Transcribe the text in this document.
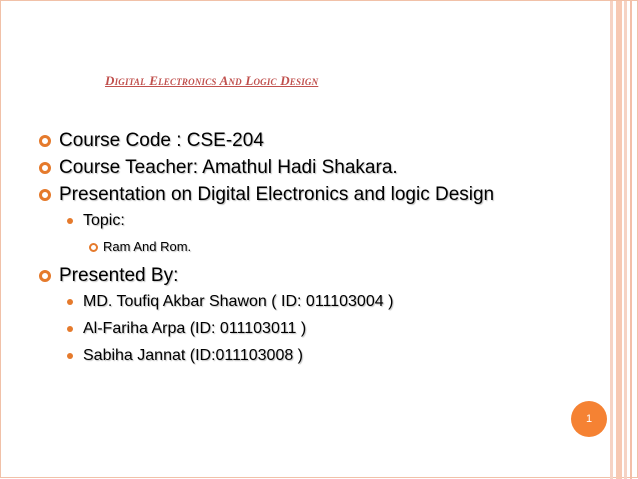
Digital Electronics And Logic Design
Course Code : CSE-204
Course Teacher: Amathul Hadi Shakara.
Presentation on Digital Electronics and logic Design
Topic:
Ram And Rom.
Presented By:
MD. Toufiq Akbar Shawon ( ID: 011103004 )
Al-Fariha Arpa (ID: 011103011 )
Sabiha Jannat (ID:011103008 )
1
